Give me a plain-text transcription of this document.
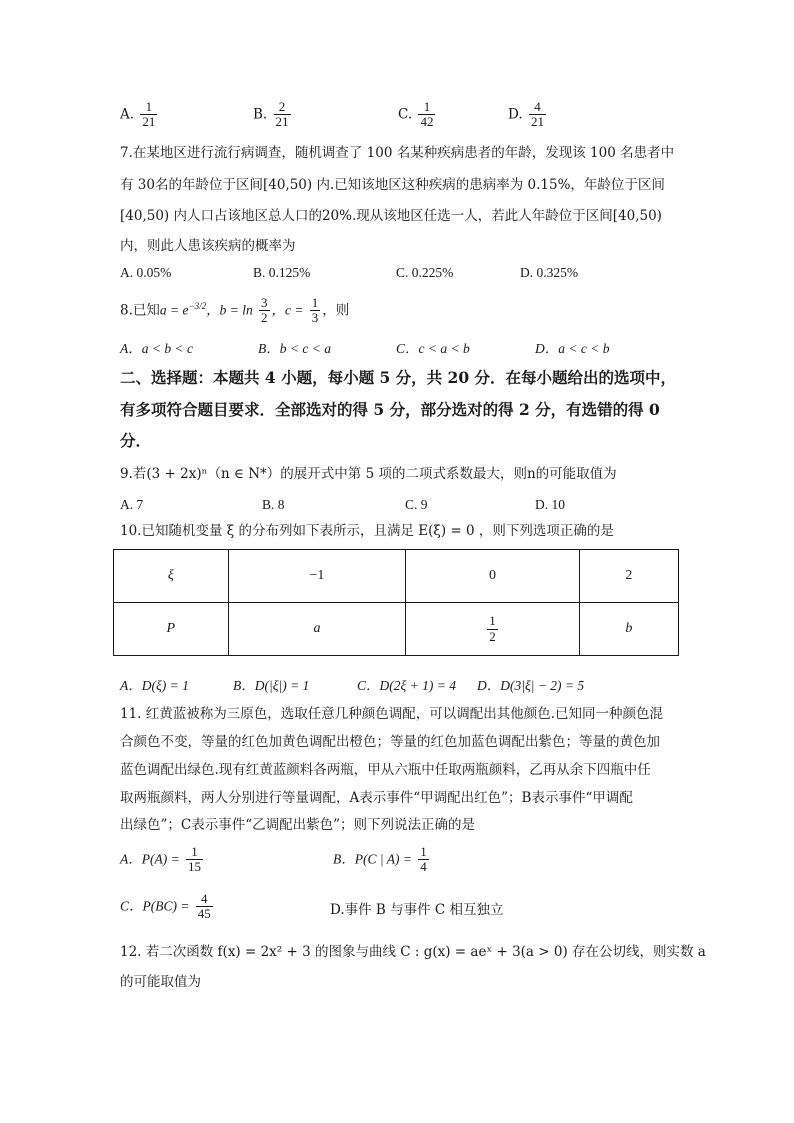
A. $\frac{1}{21}$	B. $\frac{2}{21}$	C. $\frac{1}{42}$	D. $\frac{4}{21}$
7.在某地区进行流行病调查，随机调查了 100 名某种疾病患者的年龄，发现该 100 名患者中
有 30名的年龄位于区间[40,50) 内.已知该地区这种疾病的患病率为 0.15%，年龄位于区间
[40,50) 内人口占该地区总人口的20%.现从该地区任选一人，若此人年龄位于区间[40,50)
内，则此人患该疾病的概率为
A. 0.05%	B. 0.125%	C. 0.225%	D. 0.325%
8.已知$a = e^{-3/2}$，$b = \ln \frac{3}{2}$ ，$c = \frac{1}{3}$ ，则
A．a < b < c	B．b < c < a	C．c < a < b	D．a < c < b
二、选择题：本题共 4 小题，每小题 5 分，共 20 分．在每小题给出的选项中，
有多项符合题目要求．全部选对的得 5 分，部分选对的得 2 分，有选错的得 0
分．
9.若(3 + 2x)ⁿ（n ∈ N*）的展开式中第 5 项的二项式系数最大，则n的可能取值为
A. 7	B. 8	C. 9	D. 10
10.已知随机变量 ξ 的分布列如下表所示，且满足 E(ξ) = 0 ，则下列选项正确的是
ξ	−1	0	2
P	a	$\frac{1}{2}$	b
A．D(ξ) = 1	B．D(|ξ|) = 1	C．D(2ξ + 1) = 4 D．D(3|ξ| − 2) = 5
11. 红黄蓝被称为三原色，选取任意几种颜色调配，可以调配出其他颜色.已知同一种颜色混
合颜色不变，等量的红色加黄色调配出橙色；等量的红色加蓝色调配出紫色；等量的黄色加
蓝色调配出绿色.现有红黄蓝颜料各两瓶，甲从六瓶中任取两瓶颜料，乙再从余下四瓶中任
取两瓶颜料，两人分别进行等量调配，A表示事件“甲调配出红色”；B表示事件“甲调配
出绿色”；C表示事件“乙调配出紫色”；则下列说法正确的是
A．$P(A) = \frac{1}{15}$	B．P(C | $A) = \frac{1}{4}$
C．$P(BC) = \frac{4}{45}$	D.事件 B 与事件 C 相互独立
12. 若二次函数 f(x) = 2x² + 3 的图象与曲线 C : g(x) = aeˣ + 3(a > 0) 存在公切线，则实数 a
的可能取值为
